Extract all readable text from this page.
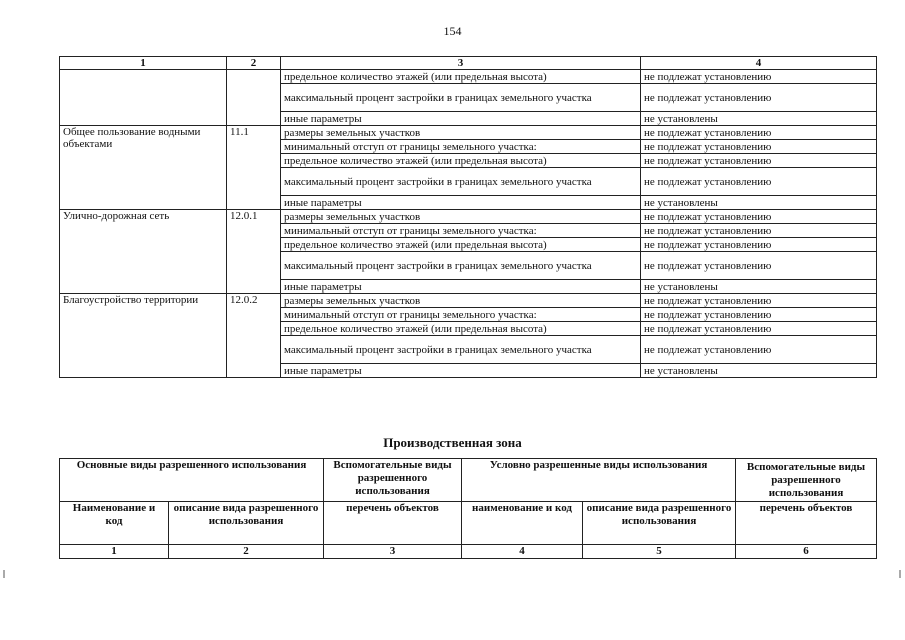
154
1	2	3	4
		предельное количество этажей (или предельная высота)	не подлежат установлению
		максимальный процент застройки в границах земельного участка	не подлежат установлению
		иные параметры	не установлены
Общее пользование водными объектами	11.1	размеры земельных участков	не подлежат установлению
		минимальный отступ от границы земельного участка:	не подлежат установлению
		предельное количество этажей (или предельная высота)	не подлежат установлению
		максимальный процент застройки в границах земельного участка	не подлежат установлению
		иные параметры	не установлены
Улично-дорожная сеть	12.0.1	размеры земельных участков	не подлежат установлению
		минимальный отступ от границы земельного участка:	не подлежат установлению
		предельное количество этажей (или предельная высота)	не подлежат установлению
		максимальный процент застройки в границах земельного участка	не подлежат установлению
		иные параметры	не установлены
Благоустройство территории	12.0.2	размеры земельных участков	не подлежат установлению
		минимальный отступ от границы земельного участка:	не подлежат установлению
		предельное количество этажей (или предельная высота)	не подлежат установлению
		максимальный процент застройки в границах земельного участка	не подлежат установлению
		иные параметры	не установлены
Производственная зона
Основные виды разрешенного использования		Вспомогательные виды разрешенного использования	Условно разрешенные виды использования		Вспомогательные виды разрешенного использования
Наименование и код	описание вида разрешенного использования	перечень объектов	наименование и код	описание вида разрешенного использования	перечень объектов
1	2	3	4	5	6
